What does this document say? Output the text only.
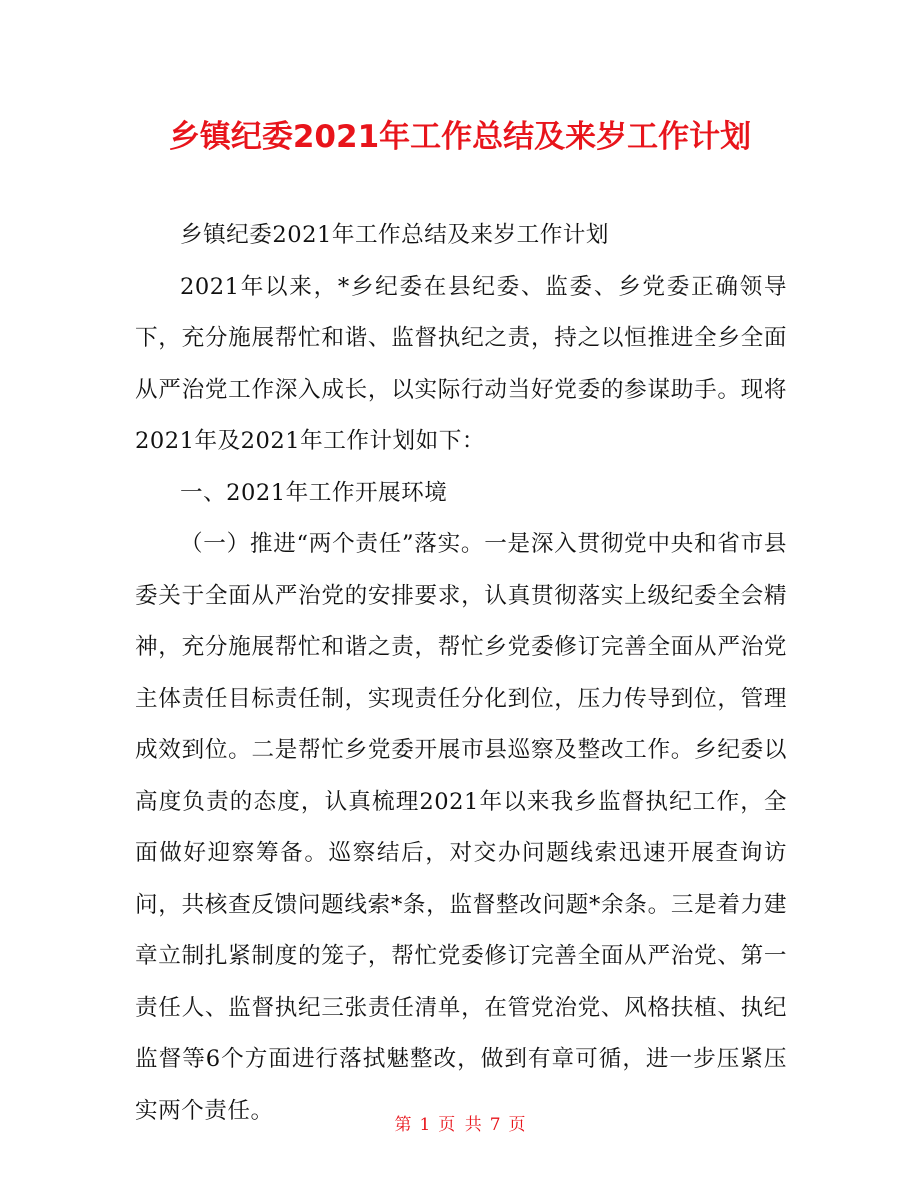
乡镇纪委2021年工作总结及来岁工作计划

乡镇纪委2021年工作总结及来岁工作计划

2021年以来，*乡纪委在县纪委、监委、乡党委正确领导下，充分施展帮忙和谐、监督执纪之责，持之以恒推进全乡全面从严治党工作深入成长，以实际行动当好党委的参谋助手。现将2021年及2021年工作计划如下：

一、2021年工作开展环境

（一）推进“两个责任”落实。一是深入贯彻党中央和省市县委关于全面从严治党的安排要求，认真贯彻落实上级纪委全会精神，充分施展帮忙和谐之责，帮忙乡党委修订完善全面从严治党主体责任目标责任制，实现责任分化到位，压力传导到位，管理成效到位。二是帮忙乡党委开展市县巡察及整改工作。乡纪委以高度负责的态度，认真梳理2021年以来我乡监督执纪工作，全面做好迎察筹备。巡察结后，对交办问题线索迅速开展查询访问，共核查反馈问题线索*条，监督整改问题*余条。三是着力建章立制扎紧制度的笼子，帮忙党委修订完善全面从严治党、第一责任人、监督执纪三张责任清单，在管党治党、风格扶植、执纪监督等6个方面进行落拭魅整改，做到有章可循，进一步压紧压实两个责任。

第 1 页 共 7 页
